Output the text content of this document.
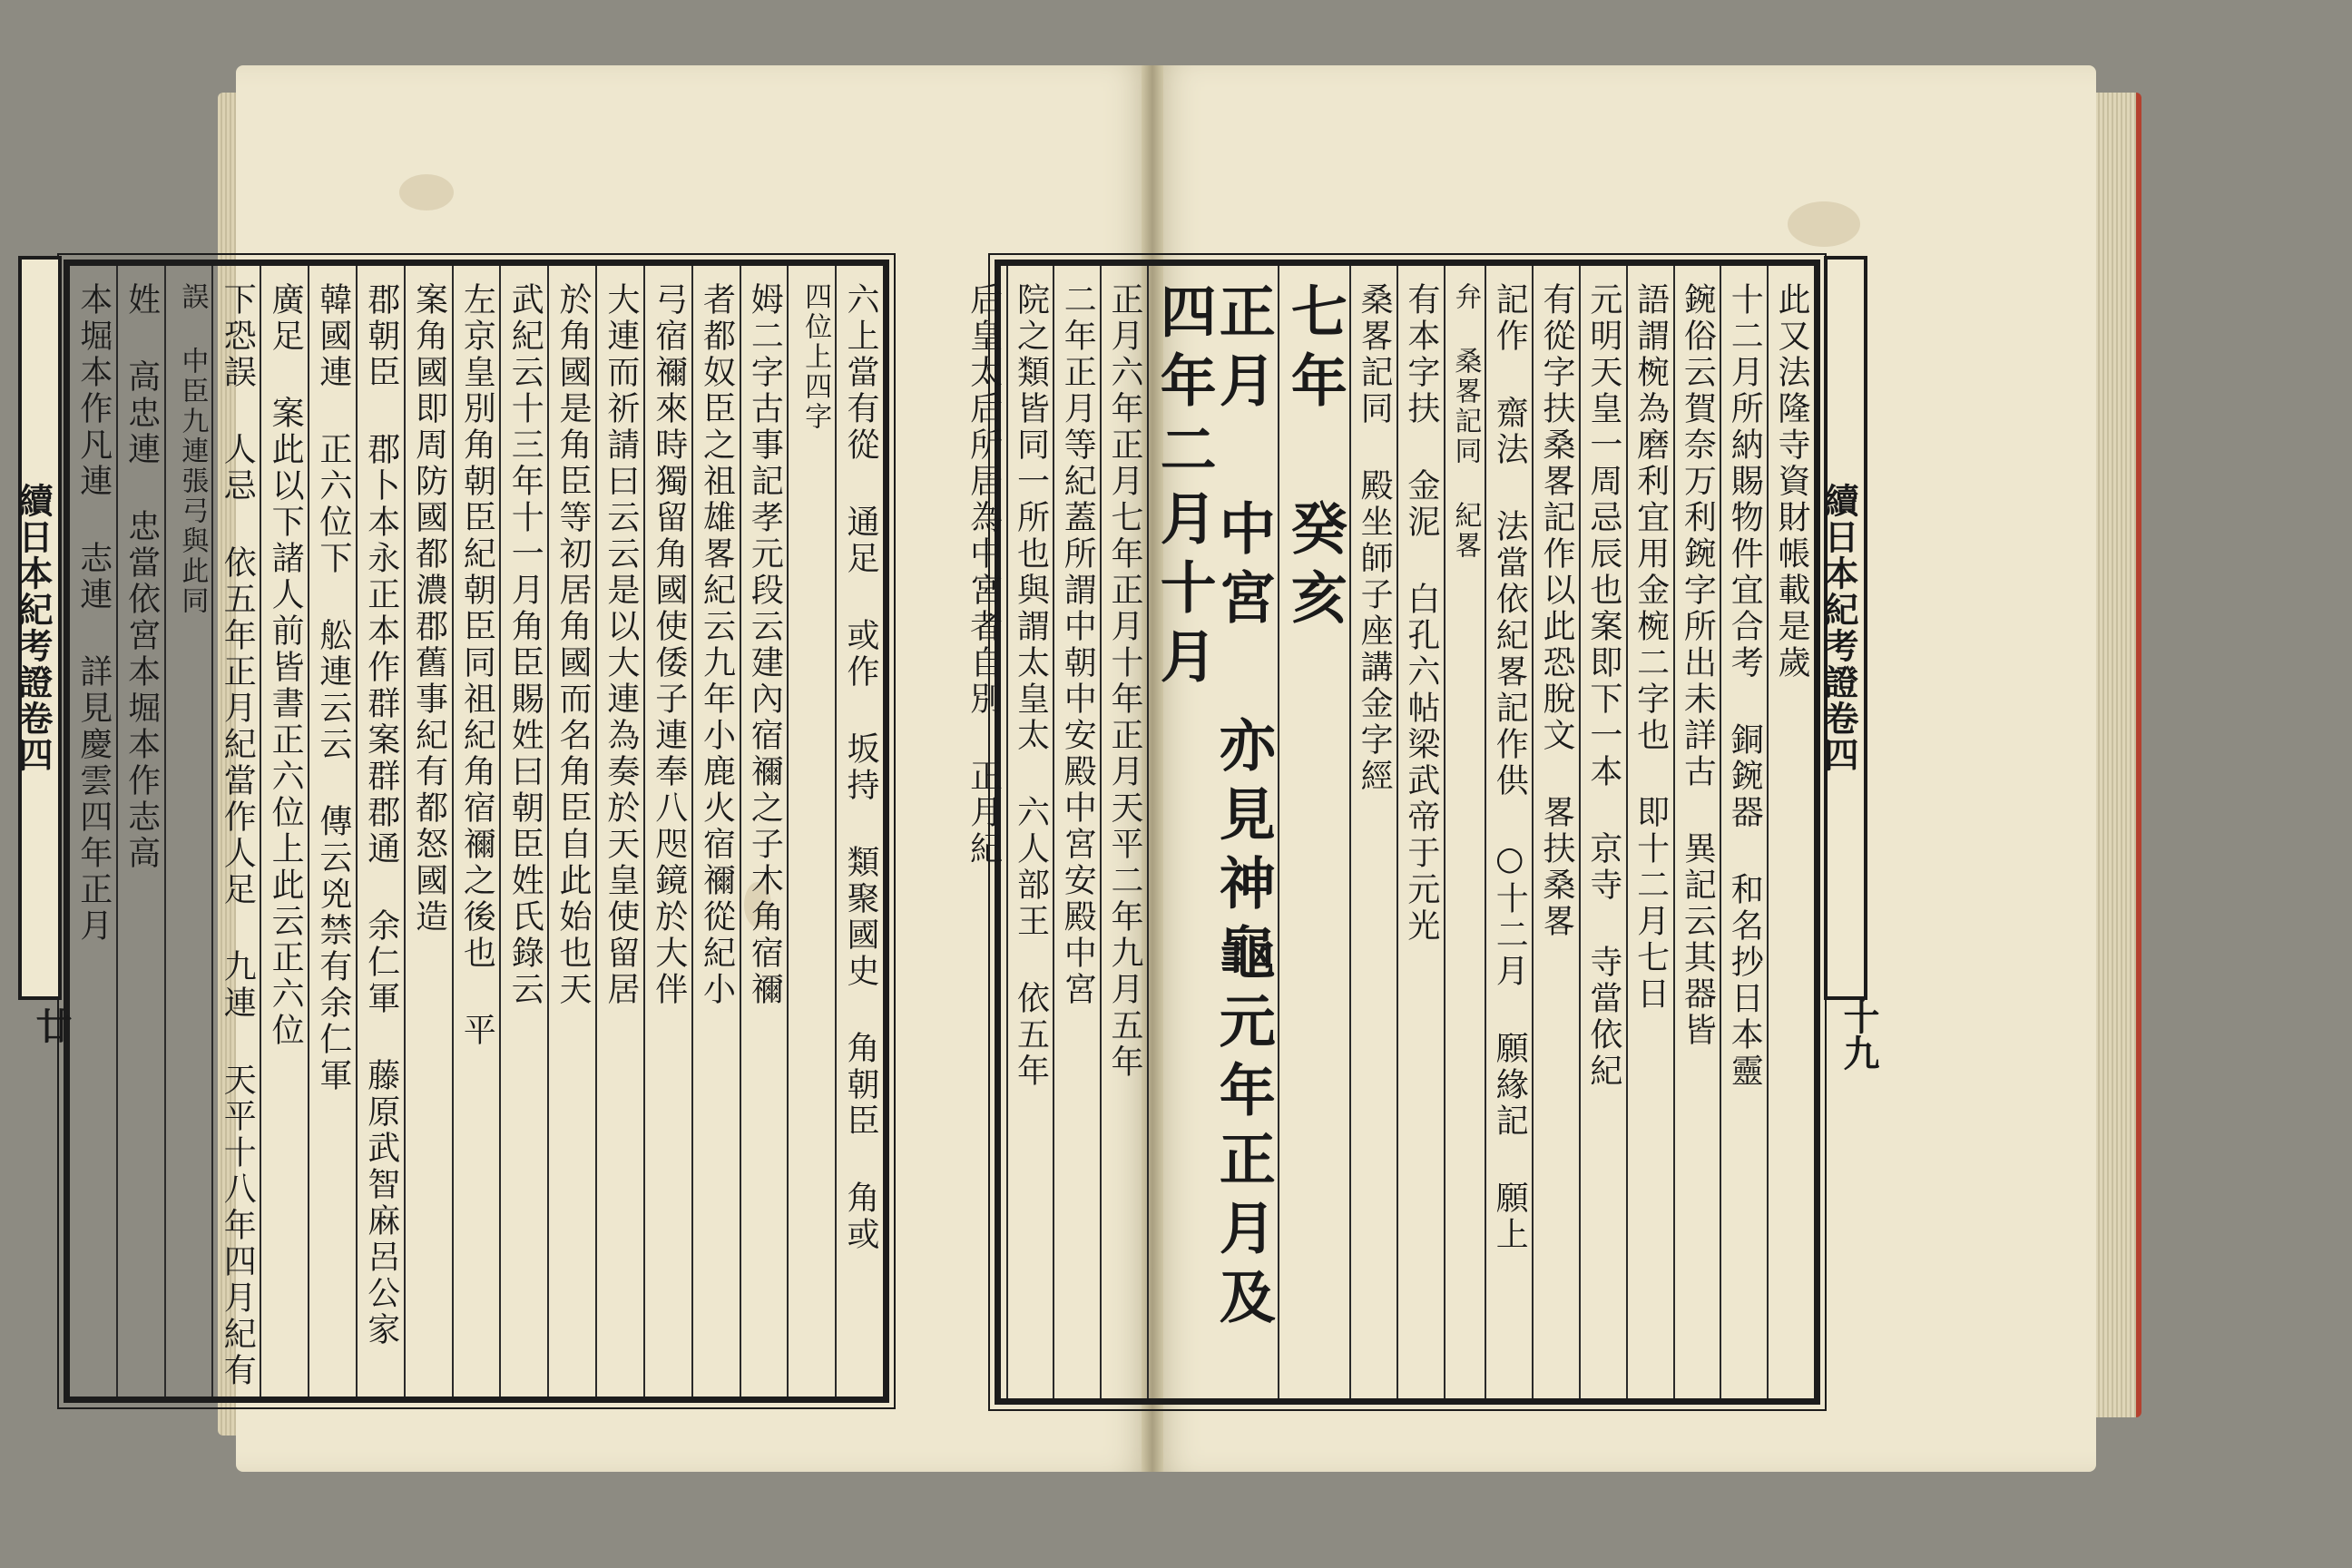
六上當有從 通足 或作 坂持 類聚國史 角朝臣 角或
四位上四字
姆二字古事記孝元段云建內宿禰之子木角宿禰
者都奴臣之祖雄畧紀云九年小鹿火宿禰從紀小
弓宿禰來時獨留角國使倭子連奉八咫鏡於大伴
大連而祈請曰云云是以大連為奏於天皇使留居
於角國是角臣等初居角國而名角臣自此始也天
武紀云十三年十一月角臣賜姓曰朝臣姓氏錄云
左京皇別角朝臣紀朝臣同祖紀角宿禰之後也 平
案角國即周防國都濃郡舊事紀有都怒國造
郡朝臣 郡卜本永正本作群案群郡通 余仁軍 藤原武智麻呂公家
韓國連 正六位下 舩連云云 傳云兇禁有余仁軍
廣足 案此以下諸人前皆書正六位上此云正六位
下恐誤 人忌 依五年正月紀當作人足 九連 天平十八年四月紀有
誤 中臣九連張弓與此同
姓 高忠連 忠當依宮本堀本作志高
本堀本作凡連 志連 詳見慶雲四年正月
續日本紀考證卷四
廿
此又法隆寺資財帳載是歲
十二月所納賜物件宜合考 銅鋺器 和名抄日本靈
鋺俗云賀奈万利鋺字所出未詳古 異記云其器皆
語謂椀為磨利宜用金椀二字也 即十二月七日
元明天皇一周忌辰也案即下一本 京寺 寺當依紀
有從字扶桑畧記作以此恐脫文 畧扶桑畧
記作 齋法 法當依紀畧記作供 ○十二月 願緣記 願上
弁 桑畧記同 紀畧
有本字扶 金泥 白孔六帖梁武帝于元光
桑畧記同 殿坐師子座講金字經
七年 癸亥
正月 中宮 亦見神龜元年正月及四年二月十月
正月六年正月七年正月十年正月天平二年九月五年
二年正月等紀蓋所謂中朝中安殿中宮安殿中宮
院之類皆同一所也與謂太皇太 六人部王 依五年
后皇太后所居為中宮者自別 正月紀	續日本紀考證卷四
十九
